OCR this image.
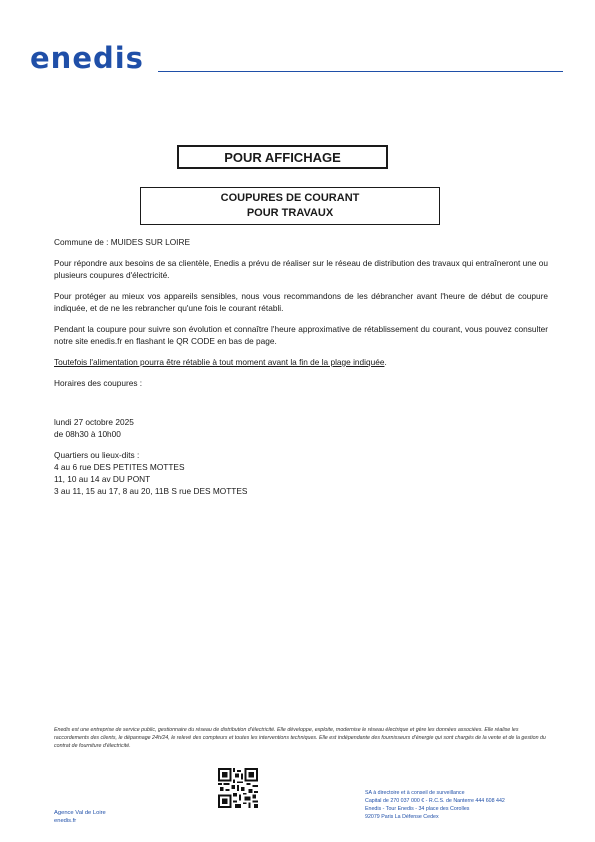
enedis
POUR AFFICHAGE
COUPURES DE COURANT
POUR TRAVAUX

Commune de : MUIDES SUR LOIRE

Pour répondre aux besoins de sa clientèle, Enedis a prévu de réaliser sur le réseau de distribution des travaux qui entraîneront une ou plusieurs coupures d'électricité.

Pour protéger au mieux vos appareils sensibles, nous vous recommandons de les débrancher avant l'heure de début de coupure indiquée, et de ne les rebrancher qu'une fois le courant rétabli.

Pendant la coupure pour suivre son évolution et connaître l'heure approximative de rétablissement du courant, vous pouvez consulter notre site enedis.fr en flashant le QR CODE en bas de page.

Toutefois l'alimentation pourra être rétablie à tout moment avant la fin de la plage indiquée.

Horaires des coupures :

lundi 27 octobre 2025
de 08h30 à 10h00
Quartiers ou lieux-dits :
4 au 6 rue DES PETITES MOTTES
11, 10 au 14 av DU PONT
3 au 11, 15 au 17, 8 au 20, 11B S rue DES MOTTES
Enedis est une entreprise de service public, gestionnaire du réseau de distribution d'électricité. Elle développe, exploite, modernise le réseau électrique et gère les données associées. Elle réalise les raccordements des clients, le dépannage 24h/24, le relevé des compteurs et toutes les interventions techniques. Elle est indépendante des fournisseurs d'énergie qui sont chargés de la vente et de la gestion du contrat de fourniture d'électricité.
Agence Val de Loire
enedis.fr
SA à directoire et à conseil de surveillance
Capital de 270 037 000 € - R.C.S. de Nanterre 444 608 442
Enedis - Tour Enedis - 34 place des Corolles
92079 Paris La Défense Cedex
